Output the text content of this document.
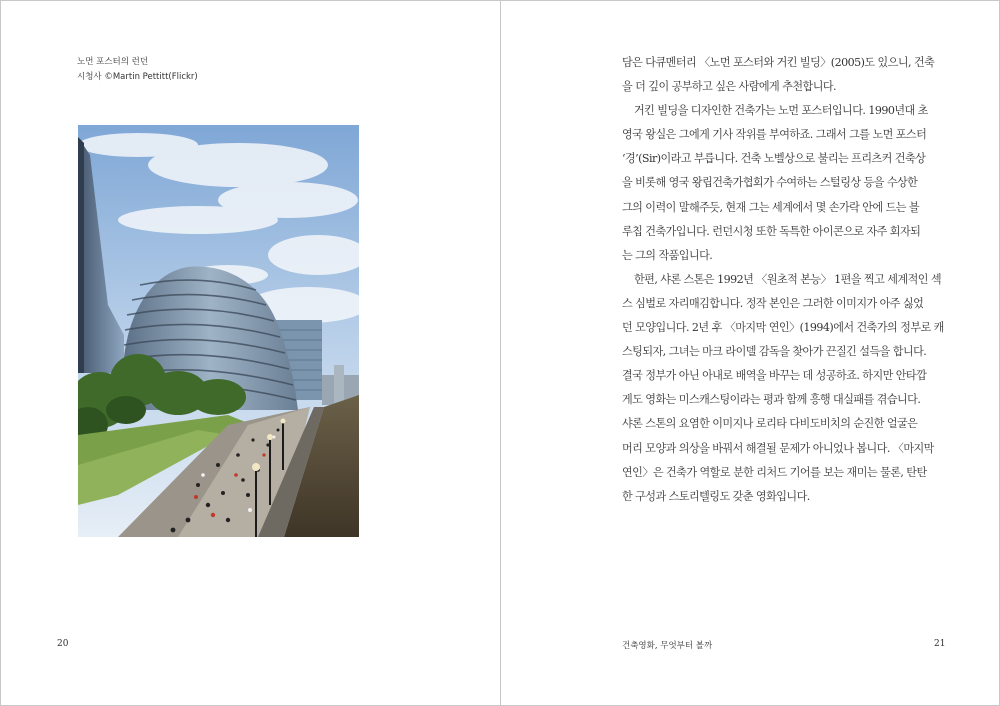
노먼 포스터의 런던
시청사 ©Martin Pettitt(Flickr)
20
담은 다큐멘터리 〈노먼 포스터와 거킨 빌딩〉(2005)도 있으니, 건축
을 더 깊이 공부하고 싶은 사람에게 추천합니다.
거킨 빌딩을 디자인한 건축가는 노먼 포스터입니다. 1990년대 초
영국 왕실은 그에게 기사 작위를 부여하죠. 그래서 그를 노먼 포스터
‘경’(Sir)이라고 부릅니다. 건축 노벨상으로 불리는 프리츠커 건축상
을 비롯해 영국 왕립건축가협회가 수여하는 스털링상 등을 수상한
그의 이력이 말해주듯, 현재 그는 세계에서 몇 손가락 안에 드는 블
루칩 건축가입니다. 런던시청 또한 독특한 아이콘으로 자주 회자되
는 그의 작품입니다.
한편, 샤론 스톤은 1992년 〈원초적 본능〉 1편을 찍고 세계적인 섹
스 심벌로 자리매김합니다. 정작 본인은 그러한 이미지가 아주 싫었
던 모양입니다. 2년 후 〈마지막 연인〉(1994)에서 건축가의 정부로 캐
스팅되자, 그녀는 마크 라이델 감독을 찾아가 끈질긴 설득을 합니다.
결국 정부가 아닌 아내로 배역을 바꾸는 데 성공하죠. 하지만 안타깝
게도 영화는 미스캐스팅이라는 평과 함께 흥행 대실패를 겪습니다.
샤론 스톤의 요염한 이미지나 로리타 다비도비치의 순진한 얼굴은
머리 모양과 의상을 바꿔서 해결될 문제가 아니었나 봅니다. 〈마지막
연인〉은 건축가 역할로 분한 리처드 기어를 보는 재미는 물론, 탄탄
한 구성과 스토리텔링도 갖춘 영화입니다.
건축영화, 무엇부터 볼까	21
